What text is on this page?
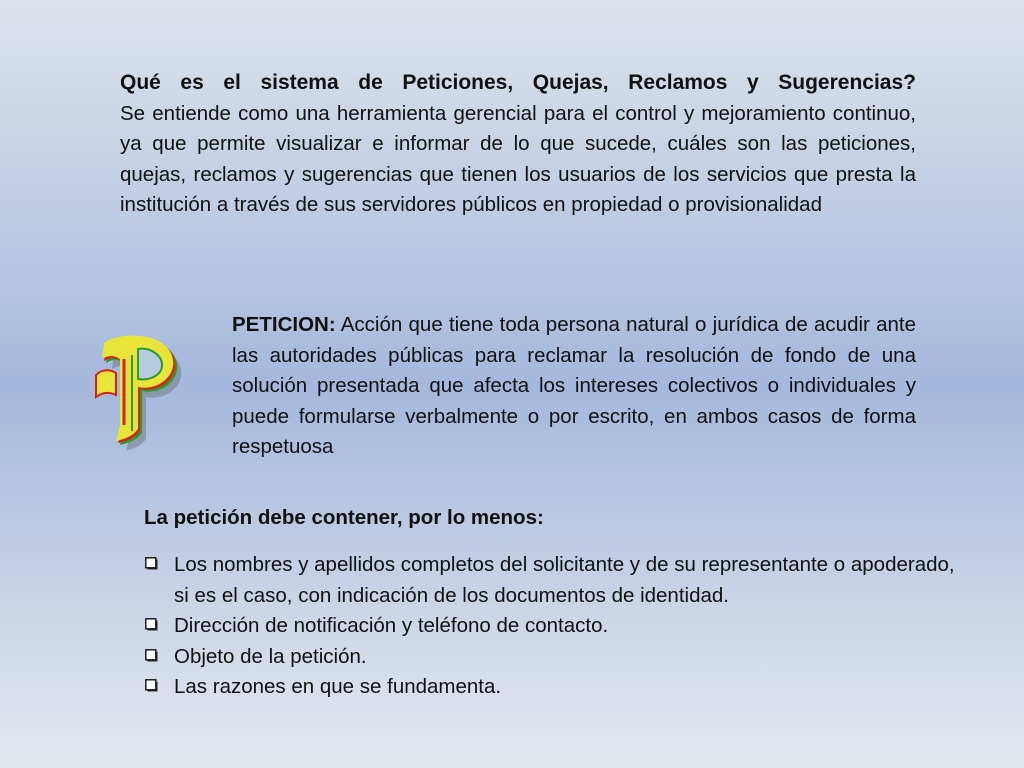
Qué es el sistema de Peticiones, Quejas, Reclamos y Sugerencias?
Se entiende como una herramienta gerencial para el control y mejoramiento continuo, ya que permite visualizar e informar de lo que sucede, cuáles son las peticiones, quejas, reclamos y sugerencias que tienen los usuarios de los servicios que presta la institución a través de sus servidores públicos en propiedad o provisionalidad
PETICION: Acción que tiene toda persona natural o jurídica de acudir ante las autoridades públicas para reclamar la resolución de fondo de una solución presentada que afecta los intereses colectivos o individuales y puede formularse verbalmente o por escrito, en ambos casos de forma respetuosa
La petición debe contener, por lo menos:
Los nombres y apellidos completos del solicitante y de su representante o apoderado, si es el caso, con indicación de los documentos de identidad.
Dirección de notificación y teléfono de contacto.
Objeto de la petición.
Las razones en que se fundamenta.
